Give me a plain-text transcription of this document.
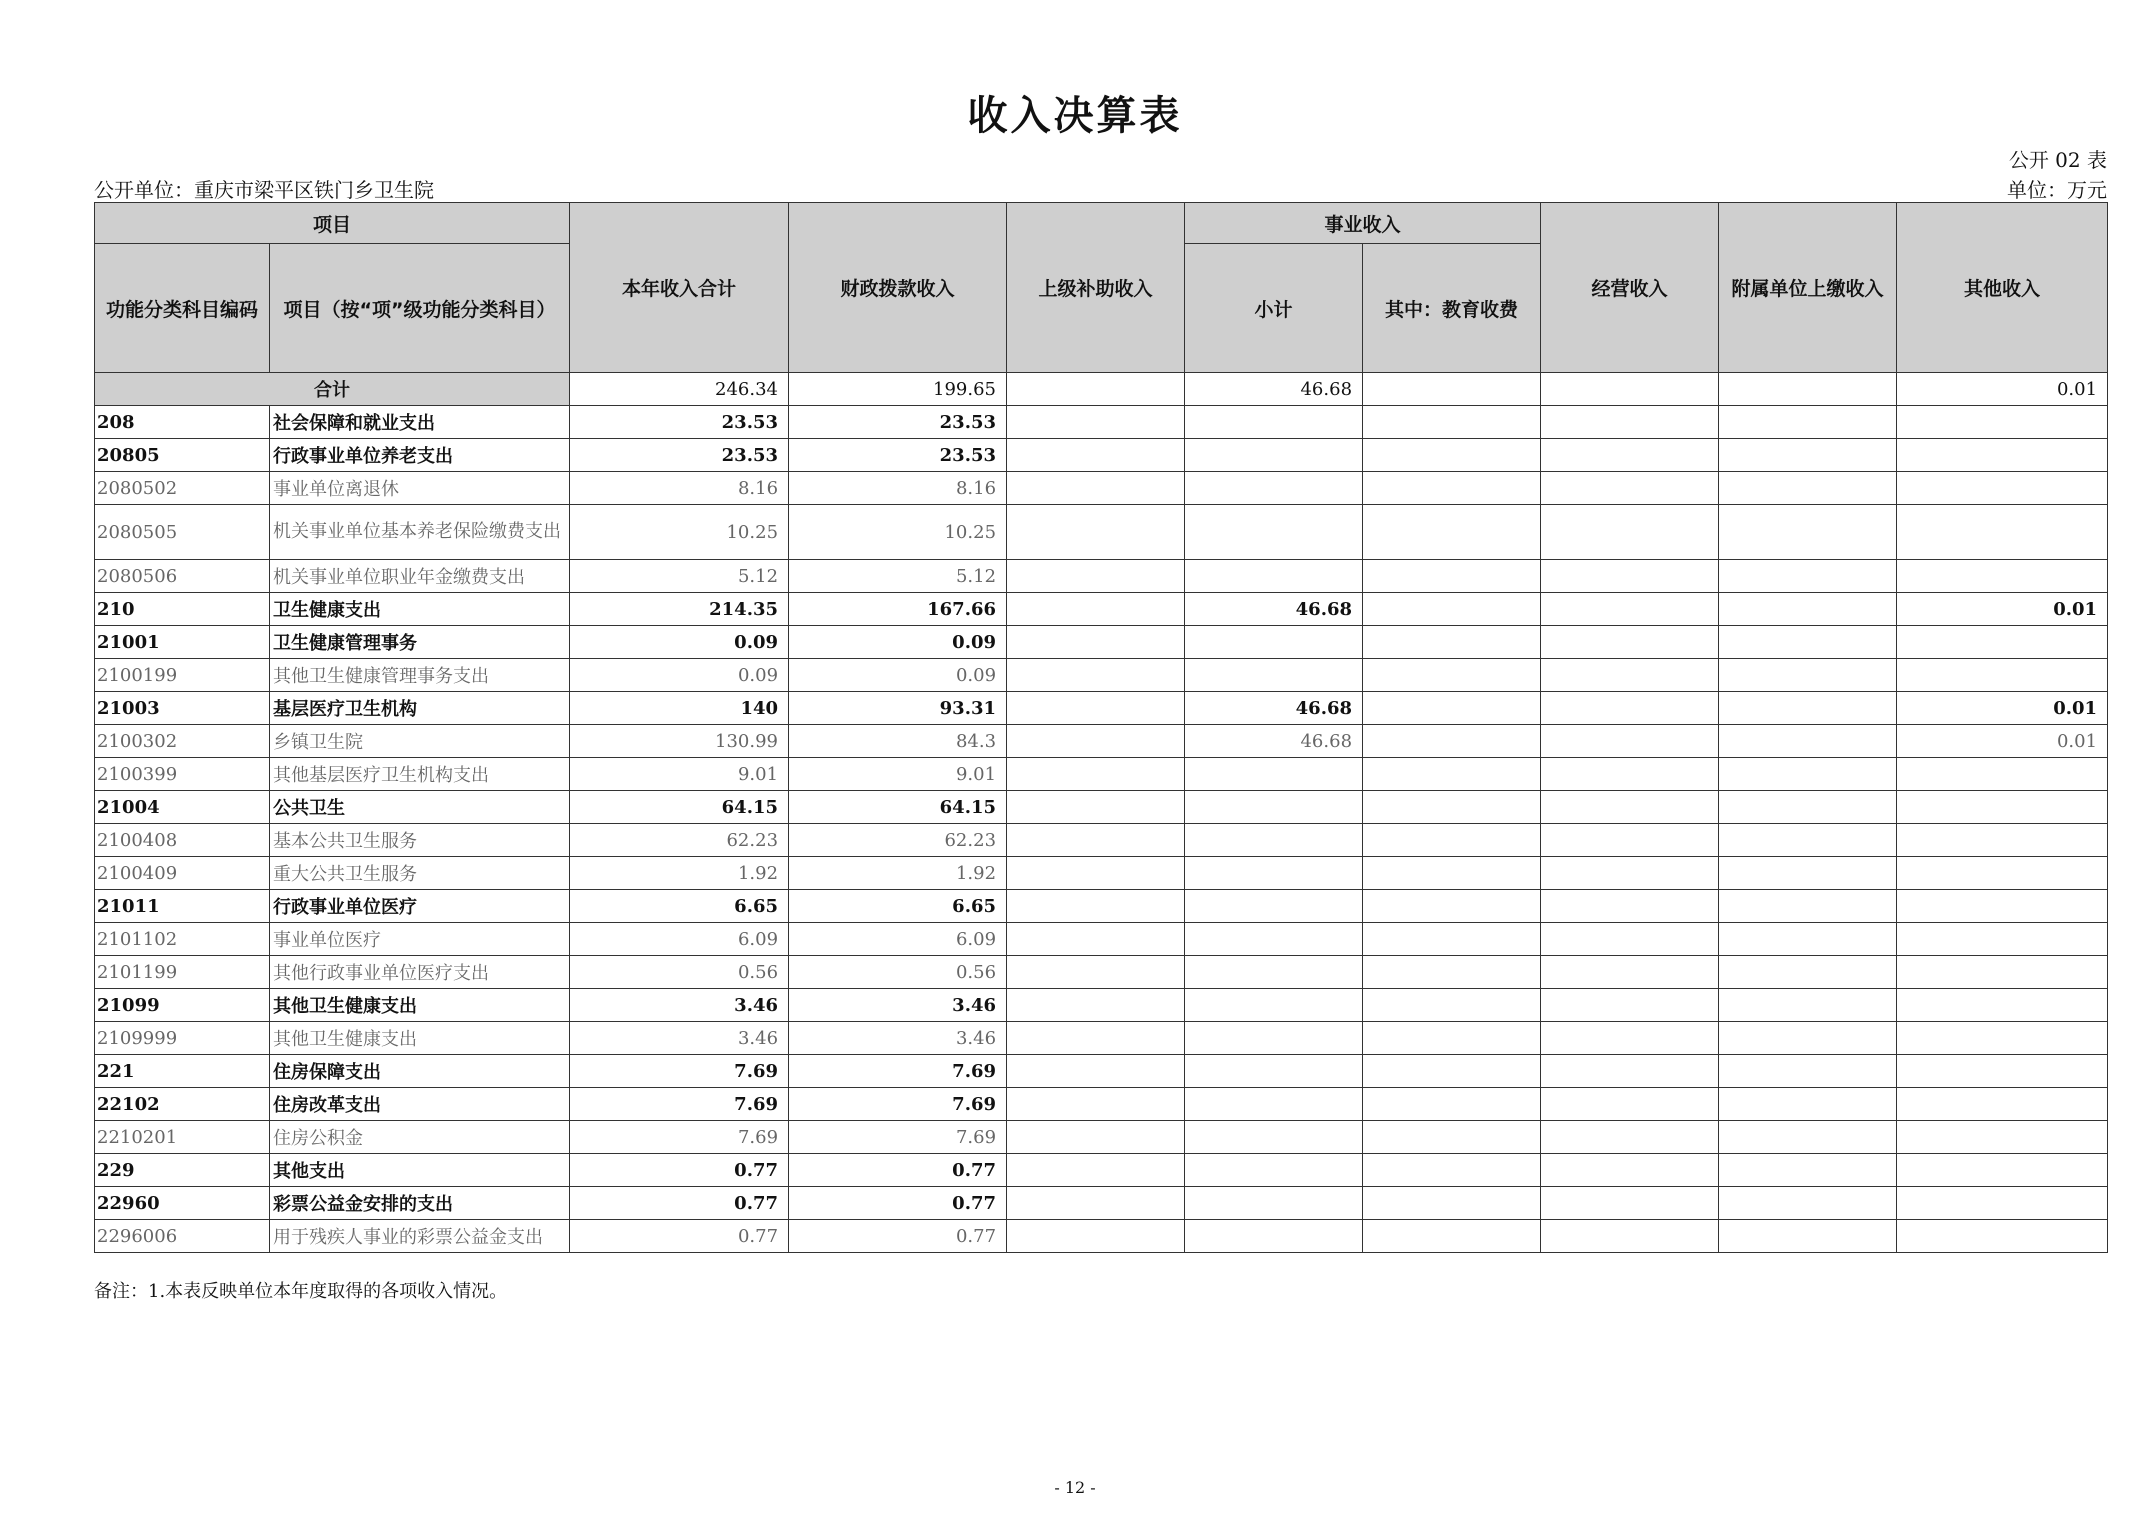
收入决算表
公开 02 表
公开单位：重庆市梁平区铁门乡卫生院	单位：万元
项目		本年收入合计	财政拨款收入	上级补助收入	事业收入		经营收入	附属单位上缴收入	其他收入
功能分类科目编码	项目（按“项”级功能分类科目）				小计	其中：教育收费			
合计		246.34	199.65		46.68				0.01
208	社会保障和就业支出	23.53	23.53						
20805	行政事业单位养老支出	23.53	23.53						
2080502	事业单位离退休	8.16	8.16						
2080505	机关事业单位基本养老保险缴费支出	10.25	10.25						
2080506	机关事业单位职业年金缴费支出	5.12	5.12						
210	卫生健康支出	214.35	167.66		46.68				0.01
21001	卫生健康管理事务	0.09	0.09						
2100199	其他卫生健康管理事务支出	0.09	0.09						
21003	基层医疗卫生机构	140	93.31		46.68				0.01
2100302	乡镇卫生院	130.99	84.3		46.68				0.01
2100399	其他基层医疗卫生机构支出	9.01	9.01						
21004	公共卫生	64.15	64.15						
2100408	基本公共卫生服务	62.23	62.23						
2100409	重大公共卫生服务	1.92	1.92						
21011	行政事业单位医疗	6.65	6.65						
2101102	事业单位医疗	6.09	6.09						
2101199	其他行政事业单位医疗支出	0.56	0.56						
21099	其他卫生健康支出	3.46	3.46						
2109999	其他卫生健康支出	3.46	3.46						
221	住房保障支出	7.69	7.69						
22102	住房改革支出	7.69	7.69						
2210201	住房公积金	7.69	7.69						
229	其他支出	0.77	0.77						
22960	彩票公益金安排的支出	0.77	0.77						
2296006	用于残疾人事业的彩票公益金支出	0.77	0.77						
备注：1.本表反映单位本年度取得的各项收入情况。
- 12 -
